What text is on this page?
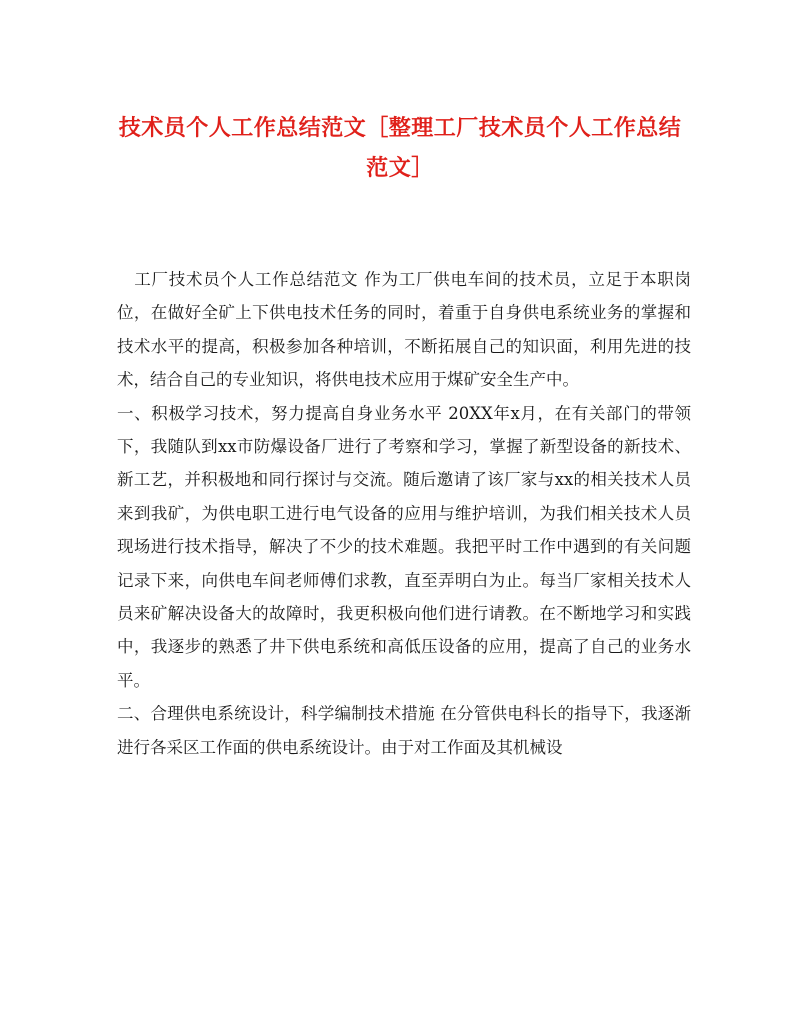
技术员个人工作总结范文［整理工厂技术员个人工作总结范文］

　工厂技术员个人工作总结范文 作为工厂供电车间的技术员，立足于本职岗位，在做好全矿上下供电技术任务的同时，着重于自身供电系统业务的掌握和技术水平的提高，积极参加各种培训，不断拓展自己的知识面，利用先进的技术，结合自己的专业知识，将供电技术应用于煤矿安全生产中。

一、积极学习技术，努力提高自身业务水平 20XX年x月，在有关部门的带领下，我随队到xx市防爆设备厂进行了考察和学习，掌握了新型设备的新技术、新工艺，并积极地和同行探讨与交流。随后邀请了该厂家与xx的相关技术人员来到我矿，为供电职工进行电气设备的应用与维护培训，为我们相关技术人员现场进行技术指导，解决了不少的技术难题。我把平时工作中遇到的有关问题记录下来，向供电车间老师傅们求教，直至弄明白为止。每当厂家相关技术人员来矿解决设备大的故障时，我更积极向他们进行请教。在不断地学习和实践中，我逐步的熟悉了井下供电系统和高低压设备的应用，提高了自己的业务水平。

二、合理供电系统设计，科学编制技术措施 在分管供电科长的指导下，我逐渐进行各采区工作面的供电系统设计。由于对工作面及其机械设
